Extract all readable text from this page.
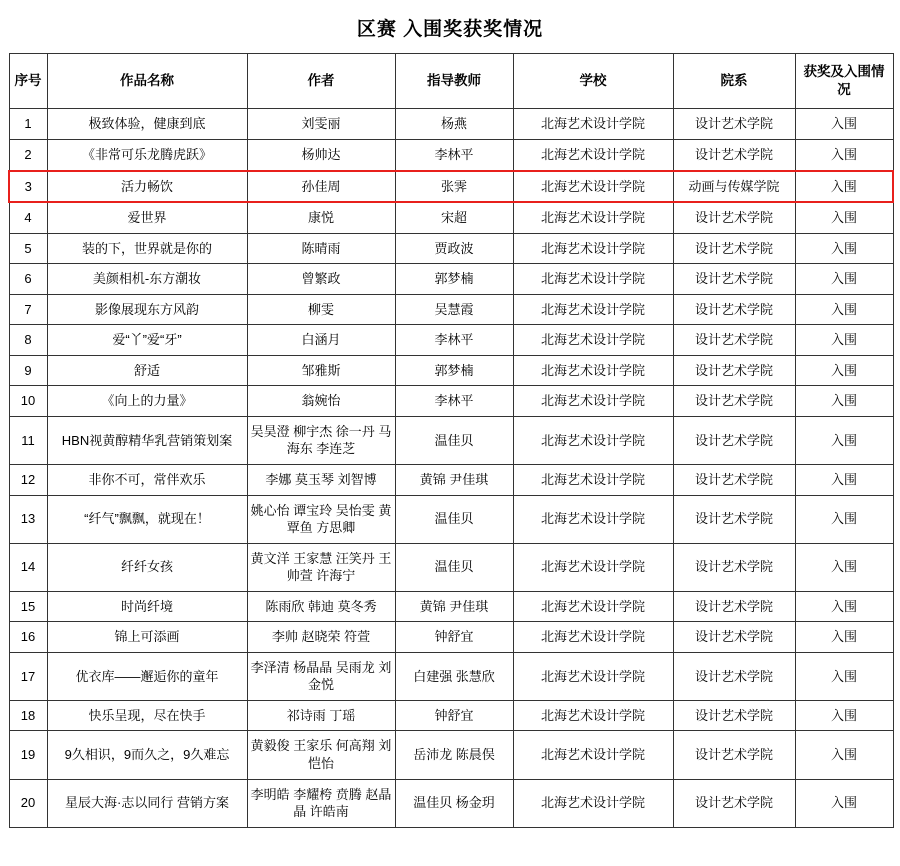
区赛 入围奖获奖情况
序号	作品名称	作者	指导教师	学校	院系	获奖及入围情况
1	极致体验，健康到底	刘雯丽	杨燕	北海艺术设计学院	设计艺术学院	入围
2	《非常可乐龙腾虎跃》	杨帅达	李林平	北海艺术设计学院	设计艺术学院	入围
3	活力畅饮	孙佳周	张霁	北海艺术设计学院	动画与传媒学院	入围
4	爱世界	康悦	宋超	北海艺术设计学院	设计艺术学院	入围
5	装的下，世界就是你的	陈晴雨	贾政波	北海艺术设计学院	设计艺术学院	入围
6	美颜相机-东方潮妆	曾繁政	郭梦楠	北海艺术设计学院	设计艺术学院	入围
7	影像展现东方风韵	柳雯	吴慧霞	北海艺术设计学院	设计艺术学院	入围
8	爱“丫”爱“牙”	白涵月	李林平	北海艺术设计学院	设计艺术学院	入围
9	舒适	邹雅斯	郭梦楠	北海艺术设计学院	设计艺术学院	入围
10	《向上的力量》	翁婉怡	李林平	北海艺术设计学院	设计艺术学院	入围
11	HBN视黄醇精华乳营销策划案	吴昊澄 柳宇杰 徐一丹 马海东 李连芝	温佳贝	北海艺术设计学院	设计艺术学院	入围
12	非你不可，常伴欢乐	李娜 莫玉琴 刘智博	黄锦 尹佳琪	北海艺术设计学院	设计艺术学院	入围
13	“纤气”飘飘，就现在！	姚心怡 谭宝玲 吴怡雯 黄覃鱼 方思卿	温佳贝	北海艺术设计学院	设计艺术学院	入围
14	纤纤女孩	黄文洋 王家慧 汪笑丹 王帅萱 许海宁	温佳贝	北海艺术设计学院	设计艺术学院	入围
15	时尚纤境	陈雨欣 韩迪 莫冬秀	黄锦 尹佳琪	北海艺术设计学院	设计艺术学院	入围
16	锦上可添画	李帅 赵晓荣 符萱	钟舒宜	北海艺术设计学院	设计艺术学院	入围
17	优衣库——邂逅你的童年	李泽清 杨晶晶 吴雨龙 刘金悦	白建强 张慧欣	北海艺术设计学院	设计艺术学院	入围
18	快乐呈现，尽在快手	祁诗雨 丁瑶	钟舒宜	北海艺术设计学院	设计艺术学院	入围
19	9久相识，9而久之，9久难忘	黄毅俊 王家乐 何高翔 刘恺怡	岳沛龙 陈晨俣	北海艺术设计学院	设计艺术学院	入围
20	星辰大海·志以同行 营销方案	李明皓 李耀桍 贲腾 赵晶晶 许皓南	温佳贝 杨金玥	北海艺术设计学院	设计艺术学院	入围
